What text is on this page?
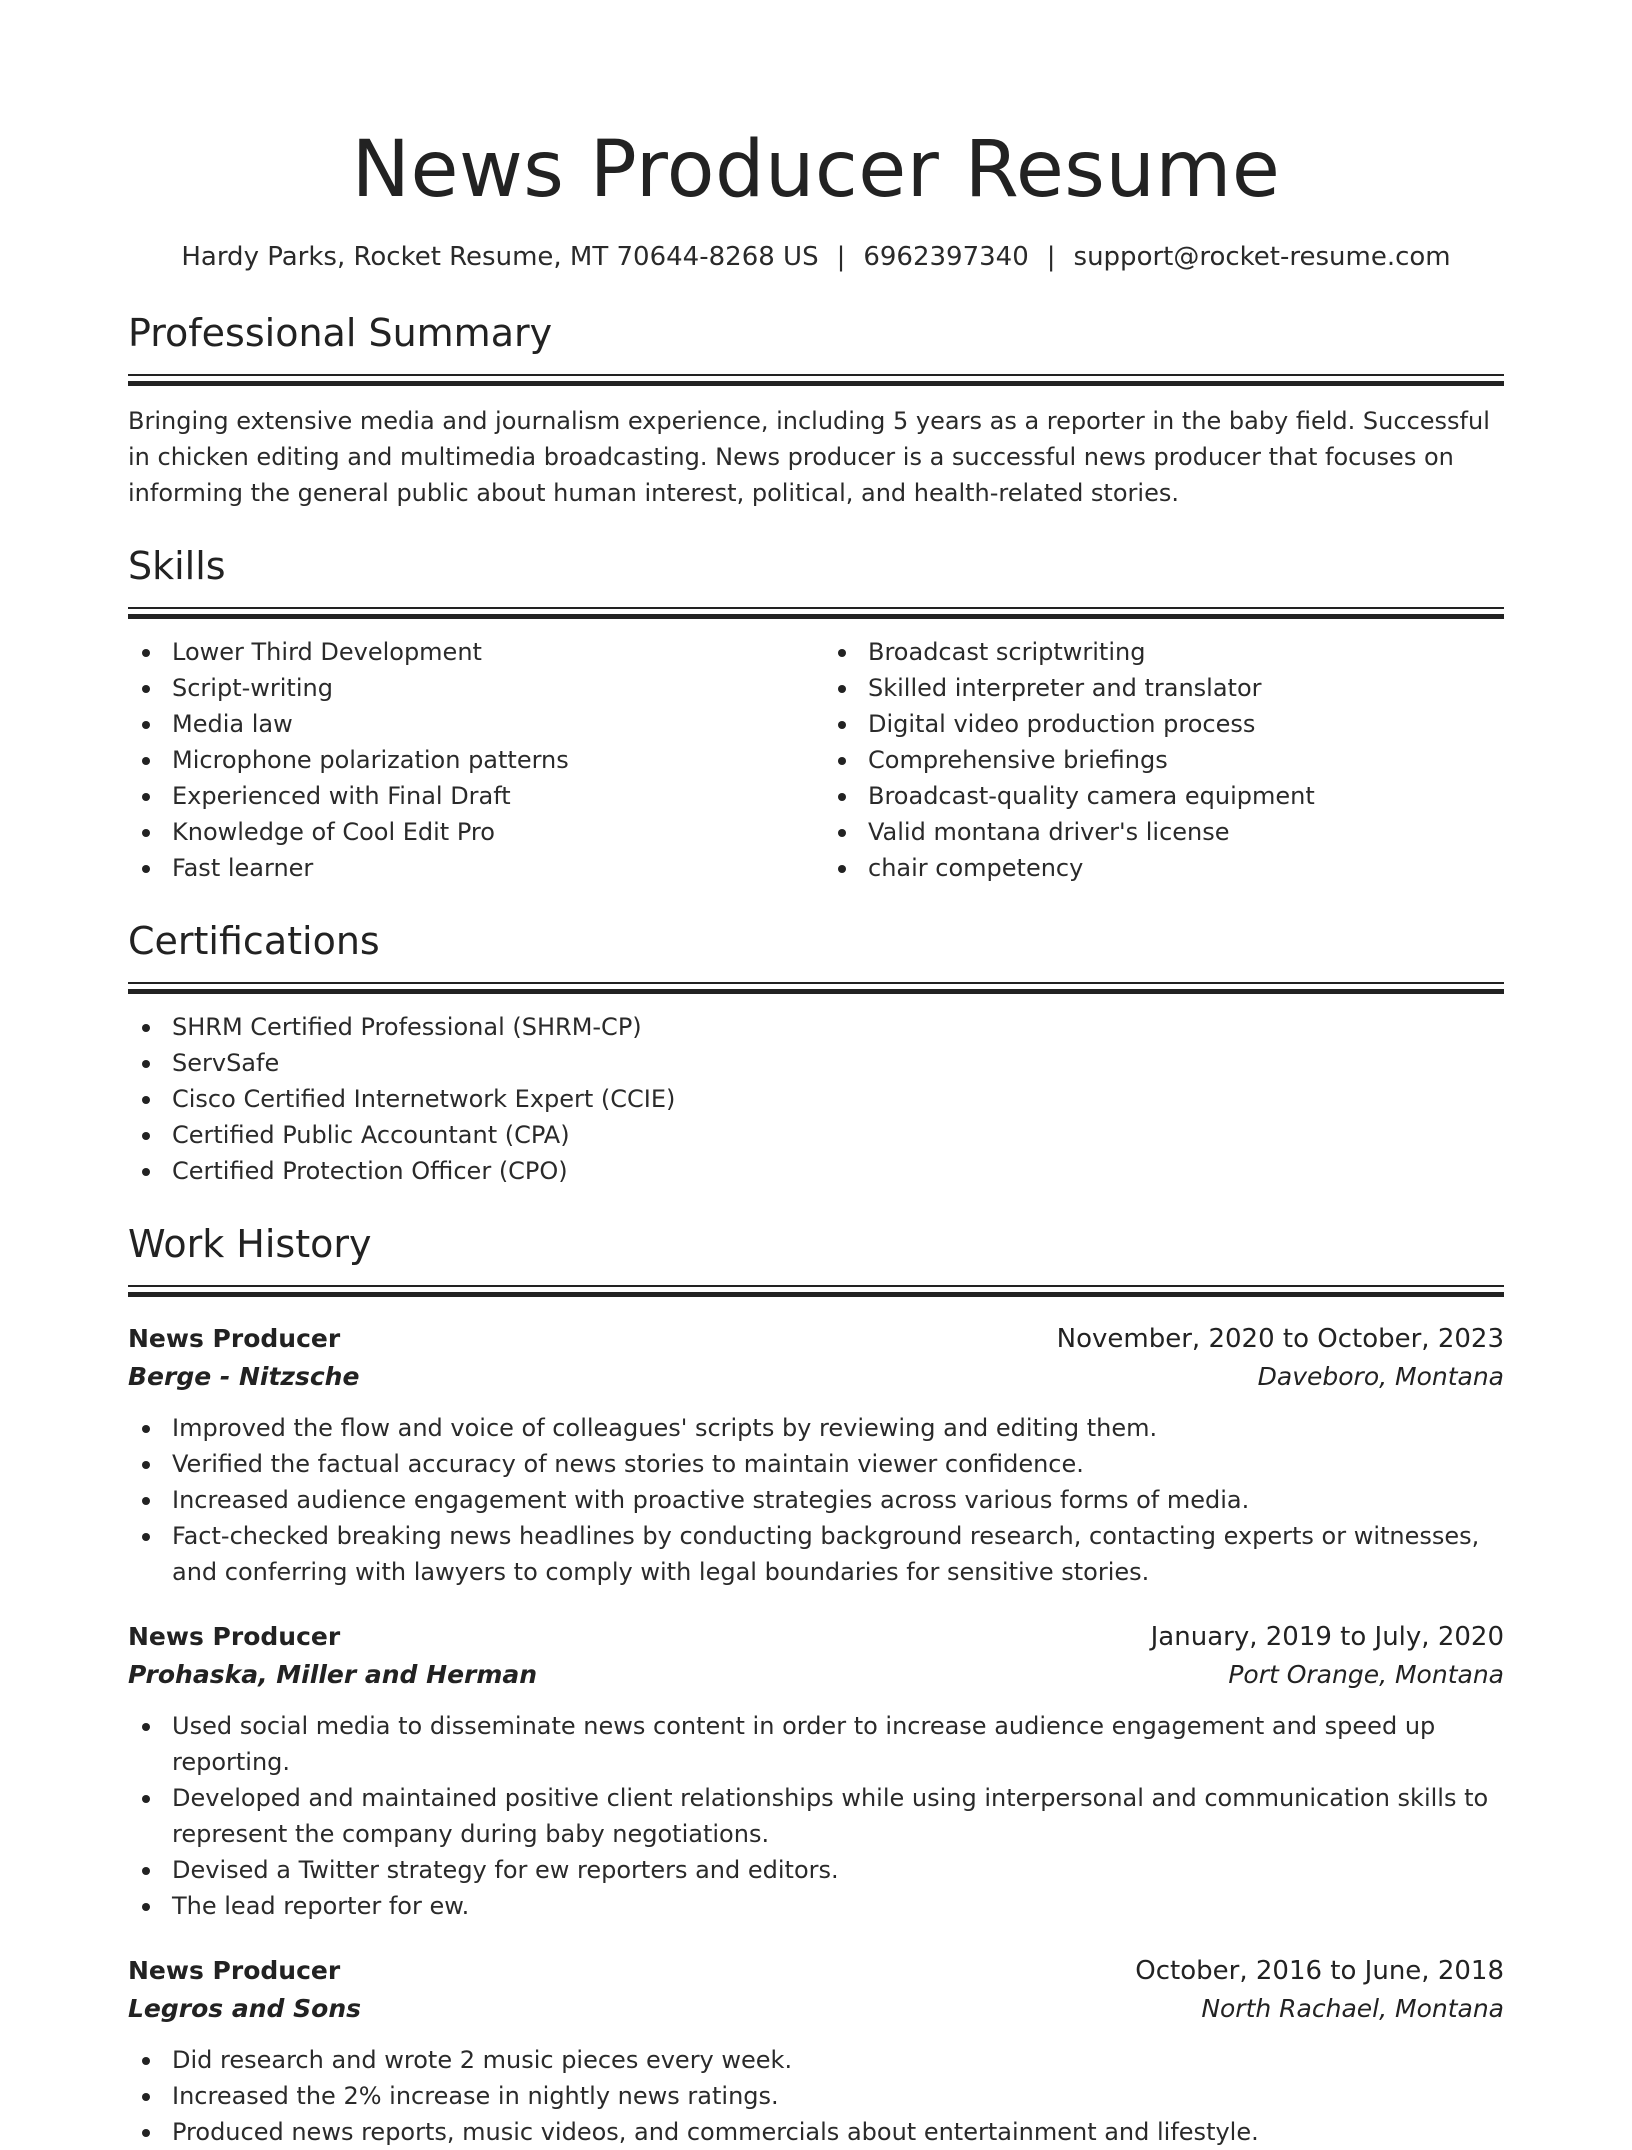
News Producer Resume
Hardy Parks, Rocket Resume, MT 70644-8268 US | 6962397340 | support@rocket-resume.com
Professional Summary

Bringing extensive media and journalism experience, including 5 years as a reporter in the baby field. Successful in chicken editing and multimedia broadcasting. News producer is a successful news producer that focuses on informing the general public about human interest, political, and health-related stories.

Skills
Lower Third Development
Script-writing
Media law
Microphone polarization patterns
Experienced with Final Draft
Knowledge of Cool Edit Pro
Fast learner
Broadcast scriptwriting
Skilled interpreter and translator
Digital video production process
Comprehensive briefings
Broadcast-quality camera equipment
Valid montana driver's license
chair competency
Certifications
SHRM Certified Professional (SHRM-CP)
ServSafe
Cisco Certified Internetwork Expert (CCIE)
Certified Public Accountant (CPA)
Certified Protection Officer (CPO)
Work History
News Producer	November, 2020 to October, 2023
Berge - Nitzsche	Daveboro, Montana
Improved the flow and voice of colleagues' scripts by reviewing and editing them.
Verified the factual accuracy of news stories to maintain viewer confidence.
Increased audience engagement with proactive strategies across various forms of media.
Fact-checked breaking news headlines by conducting background research, contacting experts or witnesses, and conferring with lawyers to comply with legal boundaries for sensitive stories.
News Producer	January, 2019 to July, 2020
Prohaska, Miller and Herman	Port Orange, Montana
Used social media to disseminate news content in order to increase audience engagement and speed up reporting.
Developed and maintained positive client relationships while using interpersonal and communication skills to represent the company during baby negotiations.
Devised a Twitter strategy for ew reporters and editors.
The lead reporter for ew.
News Producer	October, 2016 to June, 2018
Legros and Sons	North Rachael, Montana
Did research and wrote 2 music pieces every week.
Increased the 2% increase in nightly news ratings.
Produced news reports, music videos, and commercials about entertainment and lifestyle.
